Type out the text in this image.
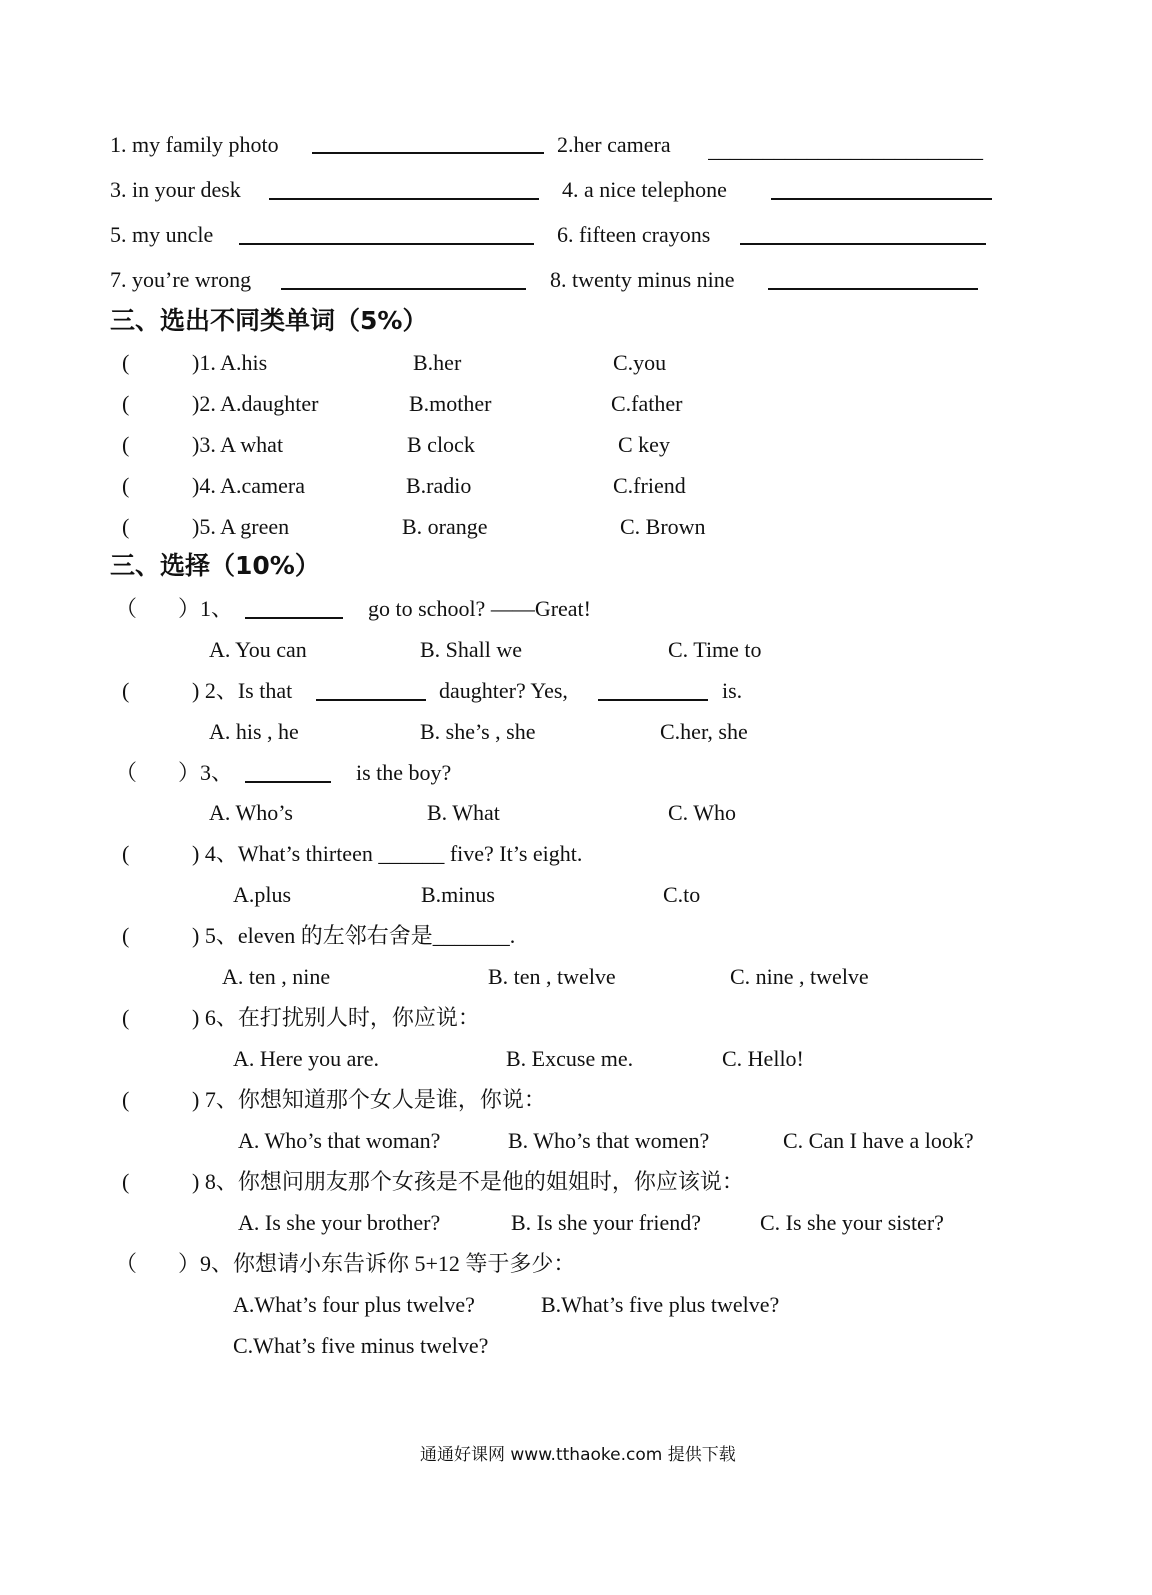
1. my family photo	2.her camera _________________________
3. in your desk	4. a nice telephone
5. my uncle	6. fifteen crayons
7. you’re wrong	8. twenty minus nine
三、选出不同类单词（5%）
(	)1. A.his	B.her	C.you
(	)2. A.daughter	B.mother	C.father
(	)3. A what	B clock	C key
(	)4. A.camera	B.radio	C.friend
(	)5. A green	B. orange	C. Brown
三、选择（10%）
（ ）1、	go to school? ——Great!
A. You can	B. Shall we	C. Time to
(	) 2、Is that	daughter? Yes,	is.
A. his , he	B. she’s , she	C.her, she
（ ）3、	is the boy?
A. Who’s	B. What	C. Who
(	) 4、What’s thirteen ______ five? It’s eight.
A.plus	B.minus	C.to
(	) 5、eleven 的左邻右舍是_______.
A. ten , nine	B. ten , twelve	C. nine , twelve
(	) 6、在打扰别人时，你应说：
A. Here you are.	B. Excuse me.	C. Hello!
(	) 7、你想知道那个女人是谁，你说：
A. Who’s that woman?	B. Who’s that women?	C. Can I have a look?
(	) 8、你想问朋友那个女孩是不是他的姐姐时，你应该说：
A. Is she your brother?	B. Is she your friend?	C. Is she your sister?
（ ）9、你想请小东告诉你 5+12 等于多少：
A.What’s four plus twelve?	B.What’s five plus twelve?
C.What’s five minus twelve?
通通好课网 www.tthaoke.com 提供下载
